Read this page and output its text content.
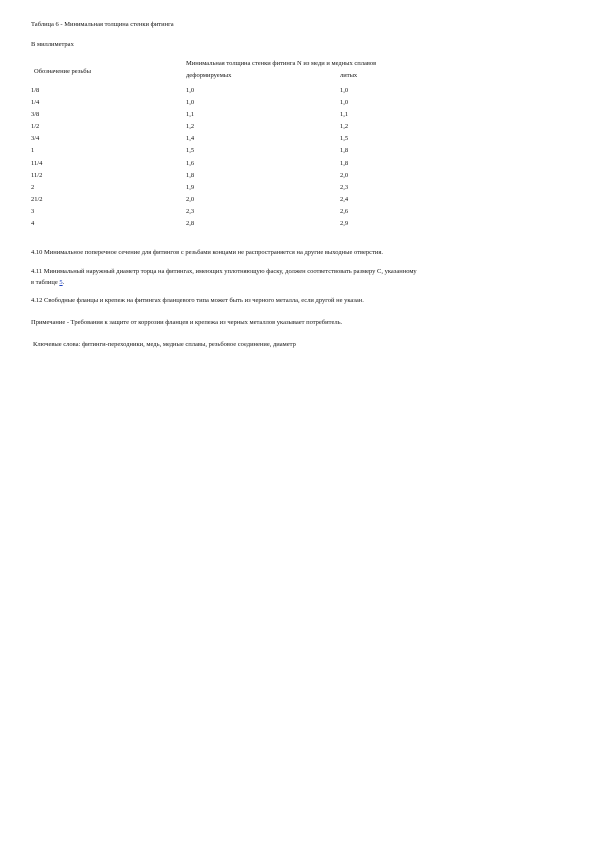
Таблица 6 - Минимальная толщина стенки фитинга
В миллиметрах
Обозначение резьбы
Минимальная толщина стенки фитинга N из меди и медных сплавов
деформируемых	литых
1/8	1,0	1,0
1/4	1,0	1,0
3/8	1,1	1,1
1/2	1,2	1,2
3/4	1,4	1,5
1	1,5	1,8
11/4	1,6	1,8
11/2	1,8	2,0
2	1,9	2,3
21/2	2,0	2,4
3	2,3	2,6
4	2,8	2,9
4.10 Минимальное поперечное сечение для фитингов с резьбами концами не распространяется на другие выходные отверстия.
4.11 Минимальный наружный диаметр торца на фитингах, имеющих уплотняющую фаску, должен соответствовать размеру C, указанному
в таблице 5.
4.12 Свободные фланцы и крепеж на фитингах фланцевого типа может быть из черного металла, если другой не указан.
Примечание - Требования к защите от коррозии фланцев и крепежа из черных металлов указывает потребитель.
Ключевые слова: фитинги-переходники, медь, медные сплавы, резьбовое соединение, диаметр
